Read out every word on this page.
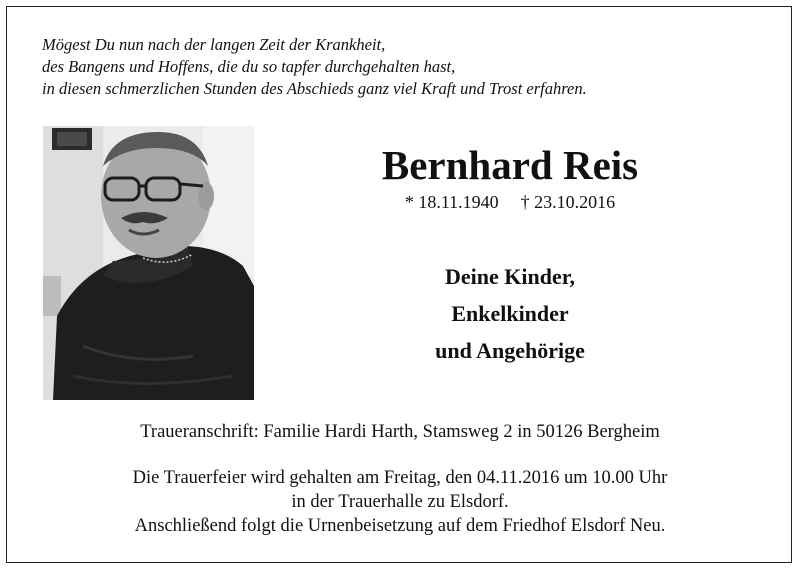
Mögest Du nun nach der langen Zeit der Krankheit,
des Bangens und Hoffens, die du so tapfer durchgehalten hast,
in diesen schmerzlichen Stunden des Abschieds ganz viel Kraft und Trost erfahren.
Bernhard Reis
* 18.11.1940 † 23.10.2016
Deine Kinder,
Enkelkinder
und Angehörige
Traueranschrift: Familie Hardi Harth, Stamsweg 2 in 50126 Bergheim
Die Trauerfeier wird gehalten am Freitag, den 04.11.2016 um 10.00 Uhr
in der Trauerhalle zu Elsdorf.
Anschließend folgt die Urnenbeisetzung auf dem Friedhof Elsdorf Neu.
